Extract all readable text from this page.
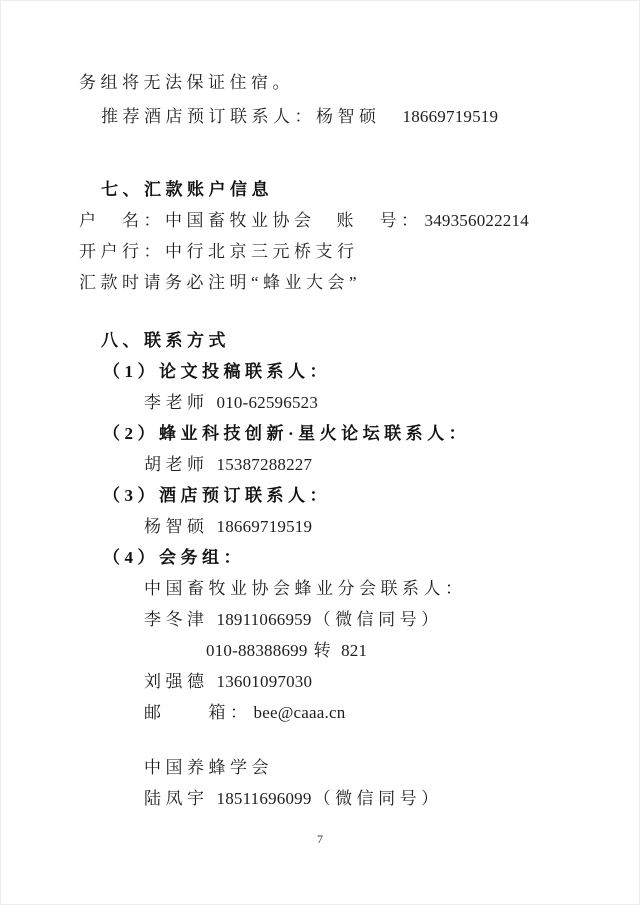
务组将无法保证住宿。
推荐酒店预订联系人：杨智硕 18669719519
七、汇款账户信息
户　名：中国畜牧业协会 账　号： 349356022214
开户行：中行北京三元桥支行
汇款时请务必注明“蜂业大会”
八、联系方式
（1）论文投稿联系人：
李老师 010-62596523
（2）蜂业科技创新·星火论坛联系人：
胡老师 15387288227
（3）酒店预订联系人：
杨智硕 18669719519
（4）会务组：
中国畜牧业协会蜂业分会联系人：
李冬津 18911066959 （微信同号）
010-88388699 转 821
刘强德 13601097030
邮　　箱： bee@caaa.cn
中国养蜂学会
陆凤宇 18511696099 （微信同号）
7
